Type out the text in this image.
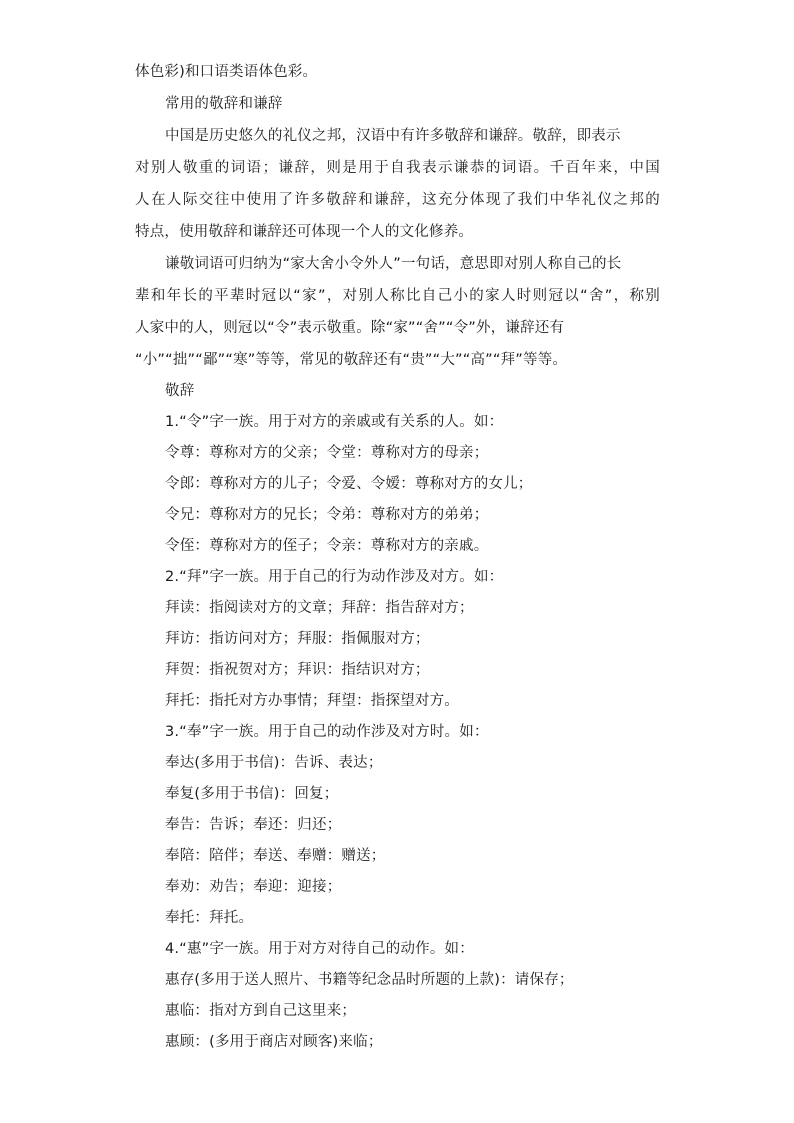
体色彩)和口语类语体色彩。
常用的敬辞和谦辞
中国是历史悠久的礼仪之邦，汉语中有许多敬辞和谦辞。敬辞，即表示
对别人敬重的词语；谦辞，则是用于自我表示谦恭的词语。千百年来，中国
人在人际交往中使用了许多敬辞和谦辞，这充分体现了我们中华礼仪之邦的
特点，使用敬辞和谦辞还可体现一个人的文化修养。
谦敬词语可归纳为“家大舍小令外人”一句话，意思即对别人称自己的长
辈和年长的平辈时冠以“家”，对别人称比自己小的家人时则冠以“舍”，称别
人家中的人，则冠以“令”表示敬重。除“家”“舍”“令”外，谦辞还有
“小”“拙”“鄙”“寒”等等，常见的敬辞还有“贵”“大”“高”“拜”等等。
敬辞
1.“令”字一族。用于对方的亲戚或有关系的人。如：
令尊：尊称对方的父亲；令堂：尊称对方的母亲；
令郎：尊称对方的儿子；令爱、令嫒：尊称对方的女儿；
令兄：尊称对方的兄长；令弟：尊称对方的弟弟；
令侄：尊称对方的侄子；令亲：尊称对方的亲戚。
2.“拜”字一族。用于自己的行为动作涉及对方。如：
拜读：指阅读对方的文章；拜辞：指告辞对方；
拜访：指访问对方；拜服：指佩服对方；
拜贺：指祝贺对方；拜识：指结识对方；
拜托：指托对方办事情；拜望：指探望对方。
3.“奉”字一族。用于自己的动作涉及对方时。如：
奉达(多用于书信)：告诉、表达；
奉复(多用于书信)：回复；
奉告：告诉；奉还：归还；
奉陪：陪伴；奉送、奉赠：赠送；
奉劝：劝告；奉迎：迎接；
奉托：拜托。
4.“惠”字一族。用于对方对待自己的动作。如：
惠存(多用于送人照片、书籍等纪念品时所题的上款)：请保存；
惠临：指对方到自己这里来；
惠顾：(多用于商店对顾客)来临；
